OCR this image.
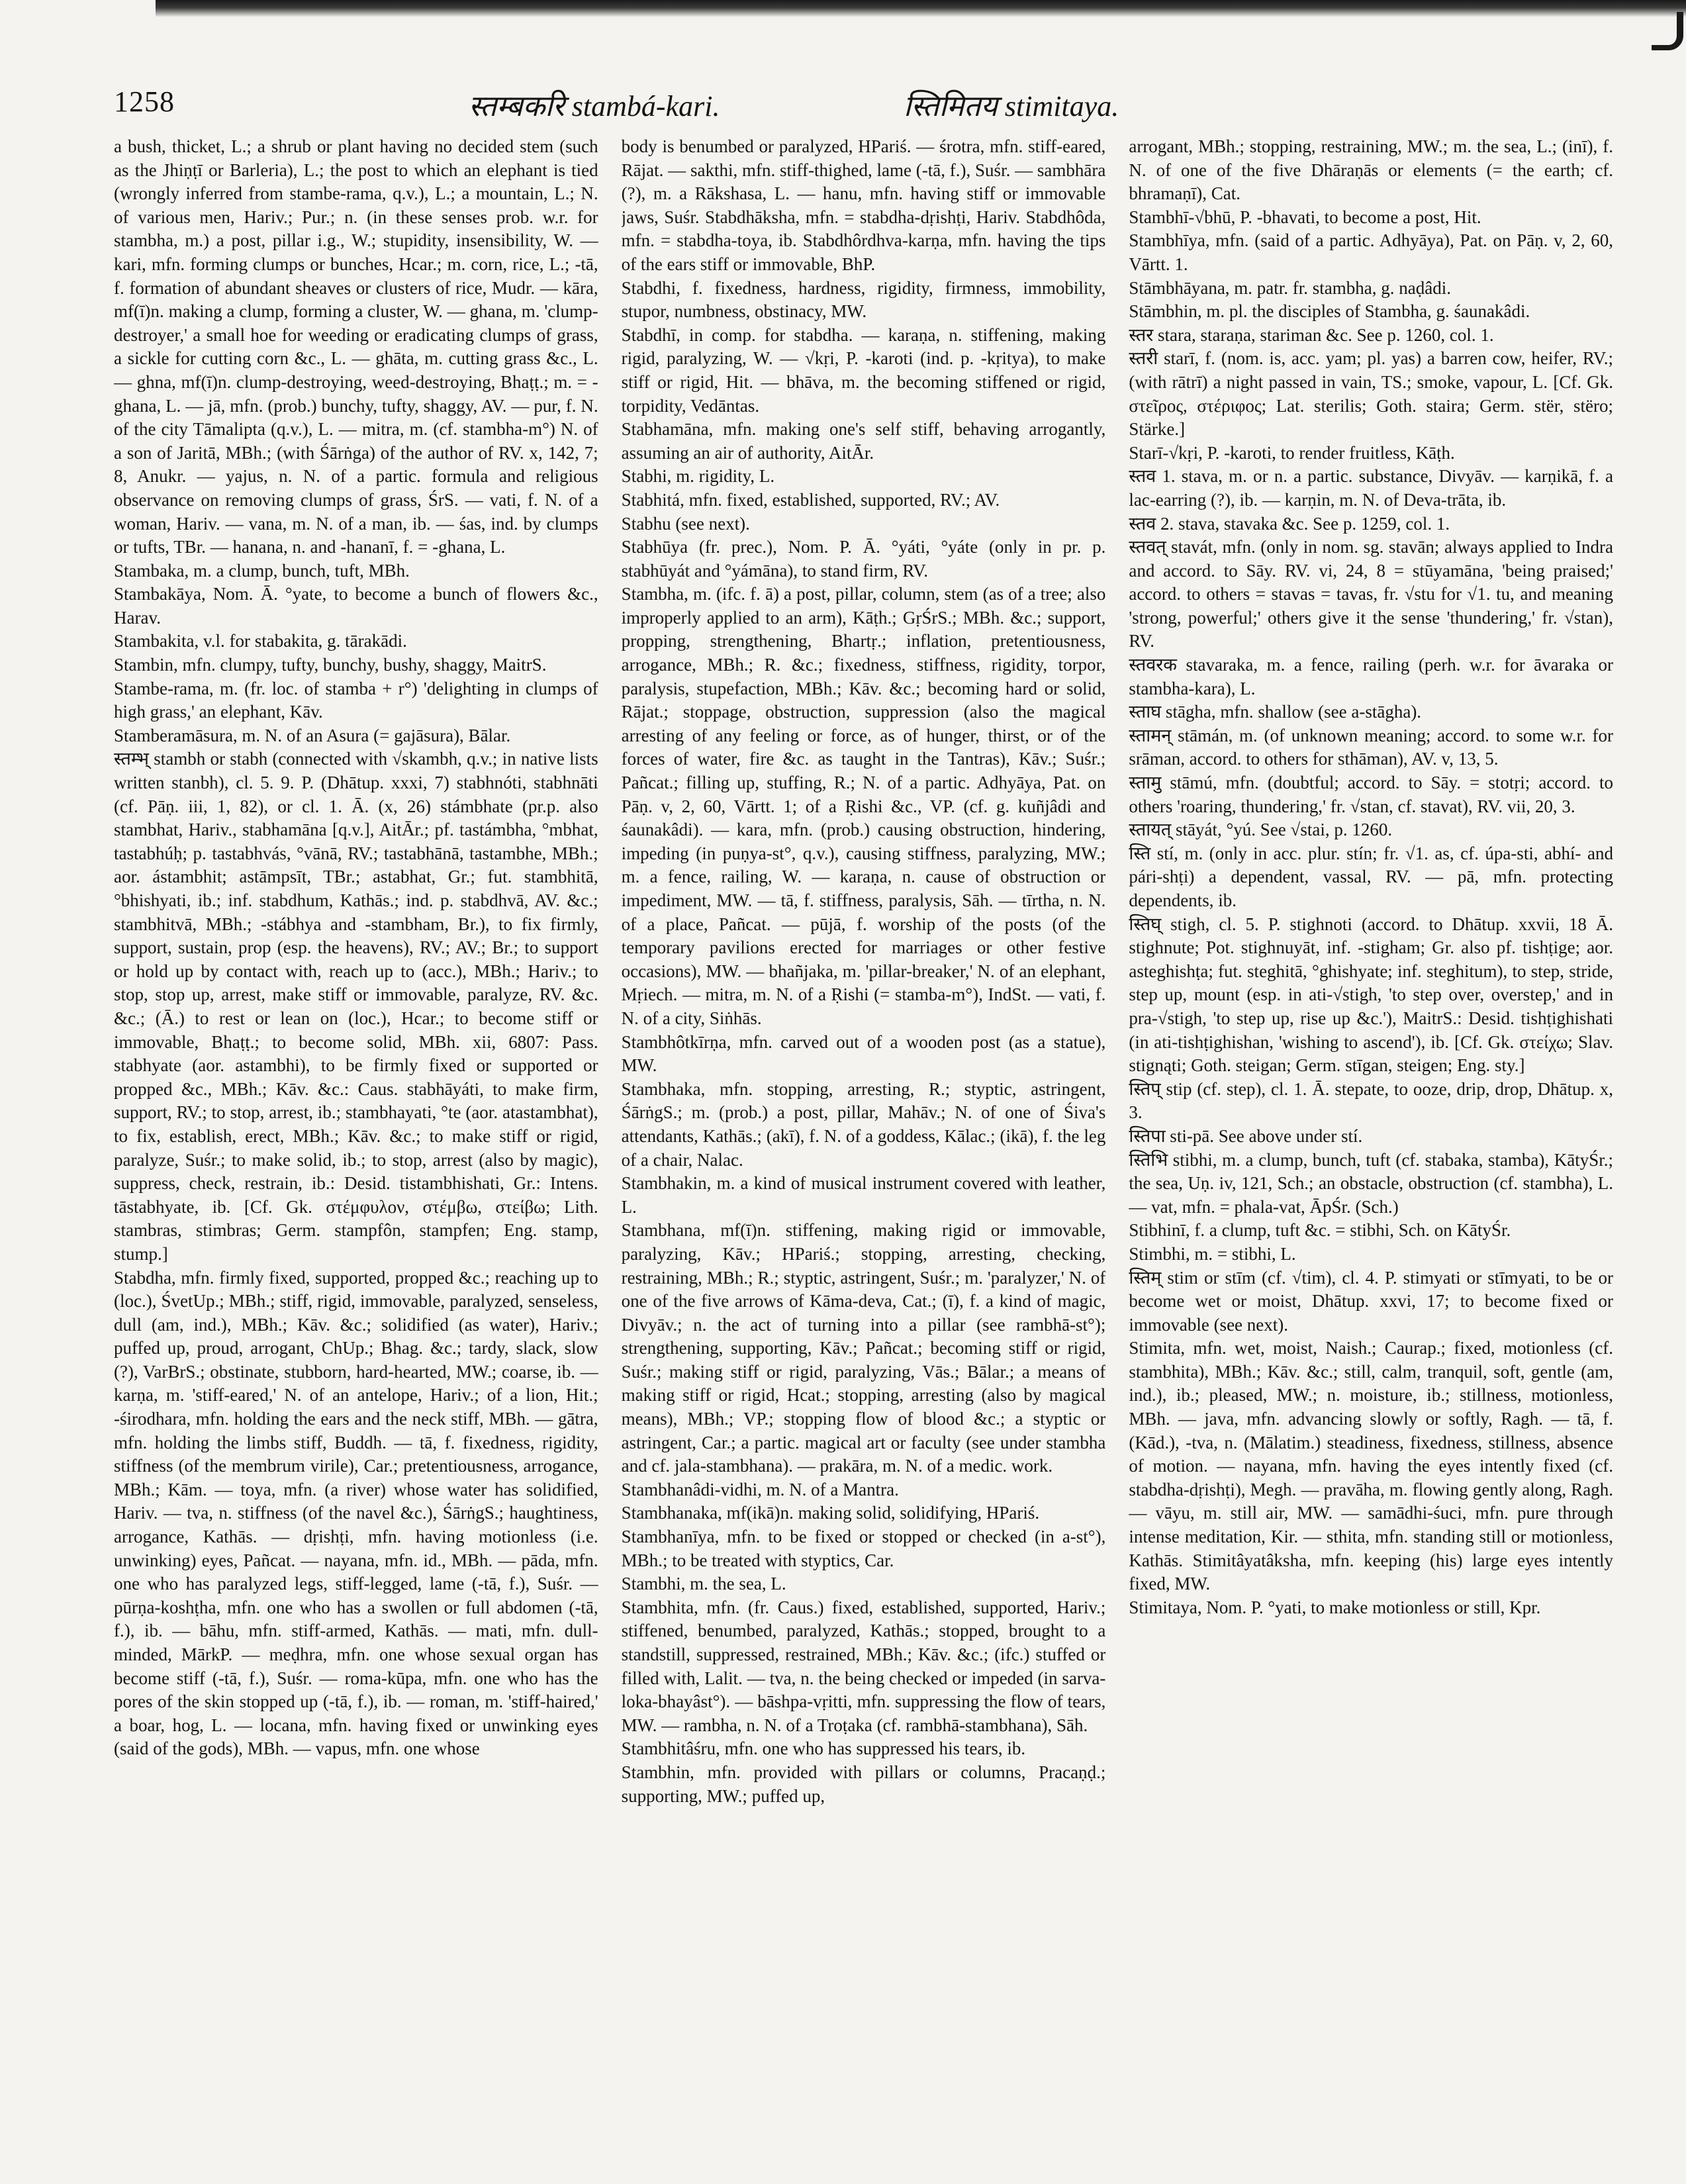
1258	स्तम्बकरि stambá-kari.	स्तिमितय stimitaya.

a bush, thicket, L.; a shrub or plant having no decided stem (such as the Jhiṇṭī or Barleria), L.; the post to which an elephant is tied (wrongly inferred from stambe-rama, q.v.), L.; a mountain, L.; N. of various men, Hariv.; Pur.; n. (in these senses prob. w.r. for stambha, m.) a post, pillar i.g., W.; stupidity, insensibility, W. — kari, mfn. forming clumps or bunches, Hcar.; m. corn, rice, L.; -tā, f. formation of abundant sheaves or clusters of rice, Mudr. — kāra, mf(ī)n. making a clump, forming a cluster, W. — ghana, m. 'clump-destroyer,' a small hoe for weeding or eradicating clumps of grass, a sickle for cutting corn &c., L. — ghāta, m. cutting grass &c., L. — ghna, mf(ī)n. clump-destroying, weed-destroying, Bhaṭṭ.; m. = -ghana, L. — jā, mfn. (prob.) bunchy, tufty, shaggy, AV. — pur, f. N. of the city Tāmalipta (q.v.), L. — mitra, m. (cf. stambha-m°) N. of a son of Jaritā, MBh.; (with Śārṅga) of the author of RV. x, 142, 7; 8, Anukr. — yajus, n. N. of a partic. formula and religious observance on removing clumps of grass, ŚrS. — vati, f. N. of a woman, Hariv. — vana, m. N. of a man, ib. — śas, ind. by clumps or tufts, TBr. — hanana, n. and -hananī, f. = -ghana, L.

Stambaka, m. a clump, bunch, tuft, MBh.

Stambakāya, Nom. Ā. °yate, to become a bunch of flowers &c., Harav.

Stambakita, v.l. for stabakita, g. tārakādi.

Stambin, mfn. clumpy, tufty, bunchy, bushy, shaggy, MaitrS.

Stambe-rama, m. (fr. loc. of stamba + r°) 'delighting in clumps of high grass,' an elephant, Kāv.

Stamberamāsura, m. N. of an Asura (= gajāsura), Bālar.

स्तम्भ् stambh or stabh (connected with √skambh, q.v.; in native lists written stanbh), cl. 5. 9. P. (Dhātup. xxxi, 7) stabhnóti, stabhnāti (cf. Pāṇ. iii, 1, 82), or cl. 1. Ā. (x, 26) stámbhate (pr.p. also stambhat, Hariv., stabhamāna [q.v.], AitĀr.; pf. tastámbha, °mbhat, tastabhúḥ; p. tastabhvás, °vānā, RV.; tastabhānā, tastambhe, MBh.; aor. ástambhit; astāmpsīt, TBr.; astabhat, Gr.; fut. stambhitā, °bhishyati, ib.; inf. stabdhum, Kathās.; ind. p. stabdhvā, AV. &c.; stambhitvā, MBh.; -stábhya and -stambham, Br.), to fix firmly, support, sustain, prop (esp. the heavens), RV.; AV.; Br.; to support or hold up by contact with, reach up to (acc.), MBh.; Hariv.; to stop, stop up, arrest, make stiff or immovable, paralyze, RV. &c. &c.; (Ā.) to rest or lean on (loc.), Hcar.; to become stiff or immovable, Bhaṭṭ.; to become solid, MBh. xii, 6807: Pass. stabhyate (aor. astambhi), to be firmly fixed or supported or propped &c., MBh.; Kāv. &c.: Caus. stabhāyáti, to make firm, support, RV.; to stop, arrest, ib.; stambhayati, °te (aor. atastambhat), to fix, establish, erect, MBh.; Kāv. &c.; to make stiff or rigid, paralyze, Suśr.; to make solid, ib.; to stop, arrest (also by magic), suppress, check, restrain, ib.: Desid. tistambhishati, Gr.: Intens. tāstabhyate, ib. [Cf. Gk. στέμφυλον, στέμβω, στείβω; Lith. stambras, stimbras; Germ. stampfôn, stampfen; Eng. stamp, stump.]

Stabdha, mfn. firmly fixed, supported, propped &c.; reaching up to (loc.), ŚvetUp.; MBh.; stiff, rigid, immovable, paralyzed, senseless, dull (am, ind.), MBh.; Kāv. &c.; solidified (as water), Hariv.; puffed up, proud, arrogant, ChUp.; Bhag. &c.; tardy, slack, slow (?), VarBrS.; obstinate, stubborn, hard-hearted, MW.; coarse, ib. — karṇa, m. 'stiff-eared,' N. of an antelope, Hariv.; of a lion, Hit.; -śirodhara, mfn. holding the ears and the neck stiff, MBh. — gātra, mfn. holding the limbs stiff, Buddh. — tā, f. fixedness, rigidity, stiffness (of the membrum virile), Car.; pretentiousness, arrogance, MBh.; Kām. — toya, mfn. (a river) whose water has solidified, Hariv. — tva, n. stiffness (of the navel &c.), ŚārṅgS.; haughtiness, arrogance, Kathās. — dṛishṭi, mfn. having motionless (i.e. unwinking) eyes, Pañcat. — nayana, mfn. id., MBh. — pāda, mfn. one who has paralyzed legs, stiff-legged, lame (-tā, f.), Suśr. — pūrṇa-koshṭha, mfn. one who has a swollen or full abdomen (-tā, f.), ib. — bāhu, mfn. stiff-armed, Kathās. — mati, mfn. dull-minded, MārkP. — meḍhra, mfn. one whose sexual organ has become stiff (-tā, f.), Suśr. — roma-kūpa, mfn. one who has the pores of the skin stopped up (-tā, f.), ib. — roman, m. 'stiff-haired,' a boar, hog, L. — locana, mfn. having fixed or unwinking eyes (said of the gods), MBh. — vapus, mfn. one whose

body is benumbed or paralyzed, HPariś. — śrotra, mfn. stiff-eared, Rājat. — sakthi, mfn. stiff-thighed, lame (-tā, f.), Suśr. — sambhāra (?), m. a Rākshasa, L. — hanu, mfn. having stiff or immovable jaws, Suśr. Stabdhāksha, mfn. = stabdha-dṛishṭi, Hariv. Stabdhôda, mfn. = stabdha-toya, ib. Stabdhôrdhva-karṇa, mfn. having the tips of the ears stiff or immovable, BhP.

Stabdhi, f. fixedness, hardness, rigidity, firmness, immobility, stupor, numbness, obstinacy, MW.

Stabdhī, in comp. for stabdha. — karaṇa, n. stiffening, making rigid, paralyzing, W. — √kṛi, P. -karoti (ind. p. -kṛitya), to make stiff or rigid, Hit. — bhāva, m. the becoming stiffened or rigid, torpidity, Vedāntas.

Stabhamāna, mfn. making one's self stiff, behaving arrogantly, assuming an air of authority, AitĀr.

Stabhi, m. rigidity, L.

Stabhitá, mfn. fixed, established, supported, RV.; AV.

Stabhu (see next).

Stabhūya (fr. prec.), Nom. P. Ā. °yáti, °yáte (only in pr. p. stabhūyát and °yámāna), to stand firm, RV.

Stambha, m. (ifc. f. ā) a post, pillar, column, stem (as of a tree; also improperly applied to an arm), Kāṭh.; GṛŚrS.; MBh. &c.; support, propping, strengthening, Bhartṛ.; inflation, pretentiousness, arrogance, MBh.; R. &c.; fixedness, stiffness, rigidity, torpor, paralysis, stupefaction, MBh.; Kāv. &c.; becoming hard or solid, Rājat.; stoppage, obstruction, suppression (also the magical arresting of any feeling or force, as of hunger, thirst, or of the forces of water, fire &c. as taught in the Tantras), Kāv.; Suśr.; Pañcat.; filling up, stuffing, R.; N. of a partic. Adhyāya, Pat. on Pāṇ. v, 2, 60, Vārtt. 1; of a Ṛishi &c., VP. (cf. g. kuñjâdi and śaunakâdi). — kara, mfn. (prob.) causing obstruction, hindering, impeding (in puṇya-st°, q.v.), causing stiffness, paralyzing, MW.; m. a fence, railing, W. — karaṇa, n. cause of obstruction or impediment, MW. — tā, f. stiffness, paralysis, Sāh. — tīrtha, n. N. of a place, Pañcat. — pūjā, f. worship of the posts (of the temporary pavilions erected for marriages or other festive occasions), MW. — bhañjaka, m. 'pillar-breaker,' N. of an elephant, Mṛiech. — mitra, m. N. of a Ṛishi (= stamba-m°), IndSt. — vati, f. N. of a city, Siṅhās.

Stambhôtkīrṇa, mfn. carved out of a wooden post (as a statue), MW.

Stambhaka, mfn. stopping, arresting, R.; styptic, astringent, ŚārṅgS.; m. (prob.) a post, pillar, Mahāv.; N. of one of Śiva's attendants, Kathās.; (akī), f. N. of a goddess, Kālac.; (ikā), f. the leg of a chair, Nalac.

Stambhakin, m. a kind of musical instrument covered with leather, L.

Stambhana, mf(ī)n. stiffening, making rigid or immovable, paralyzing, Kāv.; HPariś.; stopping, arresting, checking, restraining, MBh.; R.; styptic, astringent, Suśr.; m. 'paralyzer,' N. of one of the five arrows of Kāma-deva, Cat.; (ī), f. a kind of magic, Divyāv.; n. the act of turning into a pillar (see rambhā-st°); strengthening, supporting, Kāv.; Pañcat.; becoming stiff or rigid, Suśr.; making stiff or rigid, paralyzing, Vās.; Bālar.; a means of making stiff or rigid, Hcat.; stopping, arresting (also by magical means), MBh.; VP.; stopping flow of blood &c.; a styptic or astringent, Car.; a partic. magical art or faculty (see under stambha and cf. jala-stambhana). — prakāra, m. N. of a medic. work.

Stambhanâdi-vidhi, m. N. of a Mantra.

Stambhanaka, mf(ikā)n. making solid, solidifying, HPariś.

Stambhanīya, mfn. to be fixed or stopped or checked (in a-st°), MBh.; to be treated with styptics, Car.

Stambhi, m. the sea, L.

Stambhita, mfn. (fr. Caus.) fixed, established, supported, Hariv.; stiffened, benumbed, paralyzed, Kathās.; stopped, brought to a standstill, suppressed, restrained, MBh.; Kāv. &c.; (ifc.) stuffed or filled with, Lalit. — tva, n. the being checked or impeded (in sarva-loka-bhayâst°). — bāshpa-vṛitti, mfn. suppressing the flow of tears, MW. — rambha, n. N. of a Troṭaka (cf. rambhā-stambhana), Sāh.

Stambhitâśru, mfn. one who has suppressed his tears, ib.

Stambhin, mfn. provided with pillars or columns, Pracaṇḍ.; supporting, MW.; puffed up,

arrogant, MBh.; stopping, restraining, MW.; m. the sea, L.; (inī), f. N. of one of the five Dhāraṇās or elements (= the earth; cf. bhramaṇī), Cat.

Stambhī-√bhū, P. -bhavati, to become a post, Hit.

Stambhīya, mfn. (said of a partic. Adhyāya), Pat. on Pāṇ. v, 2, 60, Vārtt. 1.

Stāmbhāyana, m. patr. fr. stambha, g. naḍâdi.

Stāmbhin, m. pl. the disciples of Stambha, g. śaunakâdi.

स्तर stara, staraṇa, stariman &c. See p. 1260, col. 1.

स्तरी starī, f. (nom. is, acc. yam; pl. yas) a barren cow, heifer, RV.; (with rātrī) a night passed in vain, TS.; smoke, vapour, L. [Cf. Gk. στεῖρος, στέριφος; Lat. sterilis; Goth. staira; Germ. stër, stëro; Stärke.]

Starī-√kṛi, P. -karoti, to render fruitless, Kāṭh.

स्तव 1. stava, m. or n. a partic. substance, Divyāv. — karṇikā, f. a lac-earring (?), ib. — karṇin, m. N. of Deva-trāta, ib.

स्तव 2. stava, stavaka &c. See p. 1259, col. 1.

स्तवत् stavát, mfn. (only in nom. sg. stavān; always applied to Indra and accord. to Sāy. RV. vi, 24, 8 = stūyamāna, 'being praised;' accord. to others = stavas = tavas, fr. √stu for √1. tu, and meaning 'strong, powerful;' others give it the sense 'thundering,' fr. √stan), RV.

स्तवरक stavaraka, m. a fence, railing (perh. w.r. for āvaraka or stambha-kara), L.

स्ताघ stāgha, mfn. shallow (see a-stāgha).

स्तामन् stāmán, m. (of unknown meaning; accord. to some w.r. for srāman, accord. to others for sthāman), AV. v, 13, 5.

स्तामु stāmú, mfn. (doubtful; accord. to Sāy. = stotṛi; accord. to others 'roaring, thundering,' fr. √stan, cf. stavat), RV. vii, 20, 3.

स्तायत् stāyát, °yú. See √stai, p. 1260.

स्ति stí, m. (only in acc. plur. stín; fr. √1. as, cf. úpa-sti, abhí- and pári-shṭi) a dependent, vassal, RV. — pā, mfn. protecting dependents, ib.

स्तिघ् stigh, cl. 5. P. stighnoti (accord. to Dhātup. xxvii, 18 Ā. stighnute; Pot. stighnuyāt, inf. -stigham; Gr. also pf. tishṭige; aor. asteghishṭa; fut. steghitā, °ghishyate; inf. steghitum), to step, stride, step up, mount (esp. in ati-√stigh, 'to step over, overstep,' and in pra-√stigh, 'to step up, rise up &c.'), MaitrS.: Desid. tishṭighishati (in ati-tishṭighishan, 'wishing to ascend'), ib. [Cf. Gk. στείχω; Slav. stignąti; Goth. steigan; Germ. stīgan, steigen; Eng. sty.]

स्तिप् stip (cf. step), cl. 1. Ā. stepate, to ooze, drip, drop, Dhātup. x, 3.

स्तिपा sti-pā. See above under stí.

स्तिभि stibhi, m. a clump, bunch, tuft (cf. stabaka, stamba), KātyŚr.; the sea, Uṇ. iv, 121, Sch.; an obstacle, obstruction (cf. stambha), L. — vat, mfn. = phala-vat, ĀpŚr. (Sch.)

Stibhinī, f. a clump, tuft &c. = stibhi, Sch. on KātyŚr.

Stimbhi, m. = stibhi, L.

स्तिम् stim or stīm (cf. √tim), cl. 4. P. stimyati or stīmyati, to be or become wet or moist, Dhātup. xxvi, 17; to become fixed or immovable (see next).

Stimita, mfn. wet, moist, Naish.; Caurap.; fixed, motionless (cf. stambhita), MBh.; Kāv. &c.; still, calm, tranquil, soft, gentle (am, ind.), ib.; pleased, MW.; n. moisture, ib.; stillness, motionless, MBh. — java, mfn. advancing slowly or softly, Ragh. — tā, f. (Kād.), -tva, n. (Mālatim.) steadiness, fixedness, stillness, absence of motion. — nayana, mfn. having the eyes intently fixed (cf. stabdha-dṛishṭi), Megh. — pravāha, m. flowing gently along, Ragh. — vāyu, m. still air, MW. — samādhi-śuci, mfn. pure through intense meditation, Kir. — sthita, mfn. standing still or motionless, Kathās. Stimitâyatâksha, mfn. keeping (his) large eyes intently fixed, MW.

Stimitaya, Nom. P. °yati, to make motionless or still, Kpr.
